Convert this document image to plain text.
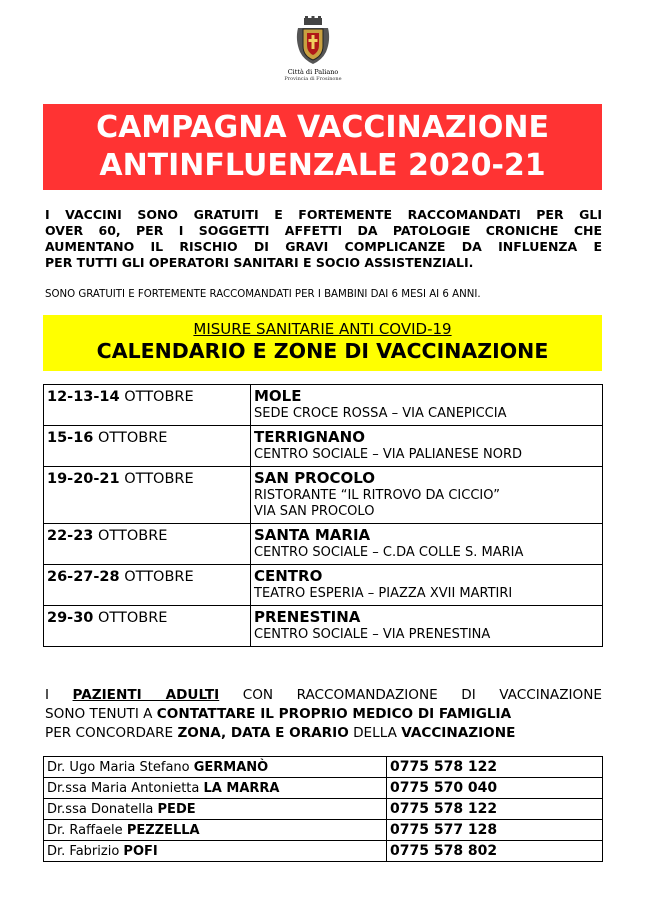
Città di Paliano
Provincia di Frosinone
CAMPAGNA VACCINAZIONE
ANTINFLUENZALE 2020-21
I VACCINI SONO GRATUITI E FORTEMENTE RACCOMANDATI PER GLI
OVER 60, PER I SOGGETTI AFFETTI DA PATOLOGIE CRONICHE CHE
AUMENTANO IL RISCHIO DI GRAVI COMPLICANZE DA INFLUENZA E
PER TUTTI GLI OPERATORI SANITARI E SOCIO ASSISTENZIALI.
SONO GRATUITI E FORTEMENTE RACCOMANDATI PER I BAMBINI DAI 6 MESI AI 6 ANNI.
MISURE SANITARIE ANTI COVID-19
CALENDARIO E ZONE DI VACCINAZIONE
12-13-14 OTTOBRE	MOLE
SEDE CROCE ROSSA – VIA CANEPICCIA

15-16 OTTOBRE	TERRIGNANO
CENTRO SOCIALE – VIA PALIANESE NORD

19-20-21 OTTOBRE	SAN PROCOLO
RISTORANTE “IL RITROVO DA CICCIO”
VIA SAN PROCOLO

22-23 OTTOBRE	SANTA MARIA
CENTRO SOCIALE – C.DA COLLE S. MARIA

26-27-28 OTTOBRE	CENTRO
TEATRO ESPERIA – PIAZZA XVII MARTIRI

29-30 OTTOBRE	PRENESTINA
CENTRO SOCIALE – VIA PRENESTINA
I PAZIENTI ADULTI CON RACCOMANDAZIONE DI VACCINAZIONE
SONO TENUTI A CONTATTARE IL PROPRIO MEDICO DI FAMIGLIA
PER CONCORDARE ZONA, DATA E ORARIO DELLA VACCINAZIONE
Dr. Ugo Maria Stefano GERMANÒ	0775 578 122
Dr.ssa Maria Antonietta LA MARRA	0775 570 040
Dr.ssa Donatella PEDE	0775 578 122
Dr. Raffaele PEZZELLA	0775 577 128
Dr. Fabrizio POFI	0775 578 802
